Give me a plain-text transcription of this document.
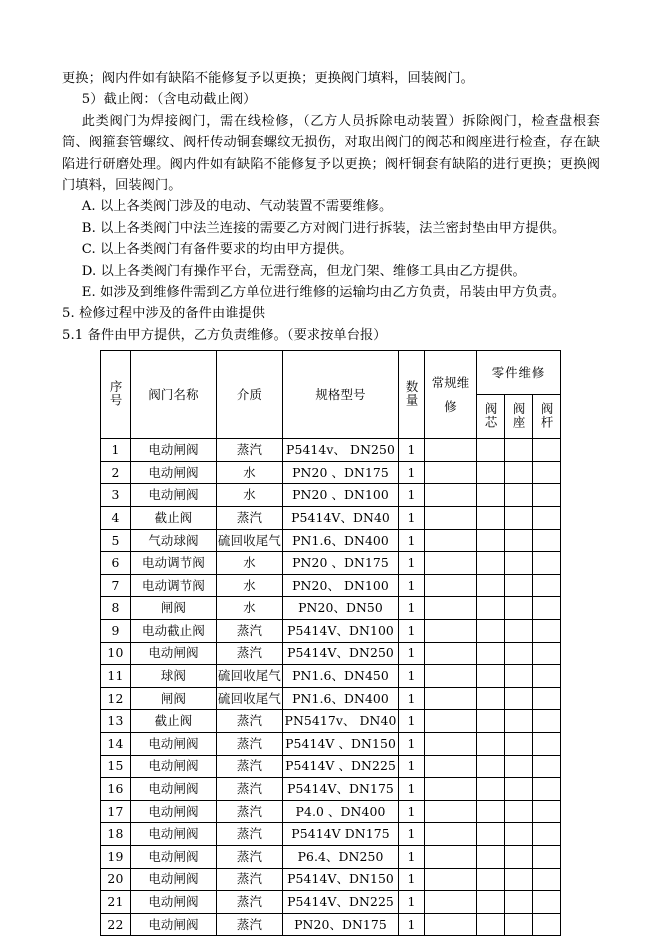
更换；阀内件如有缺陷不能修复予以更换；更换阀门填料，回装阀门。

5）截止阀：（含电动截止阀）

此类阀门为焊接阀门，需在线检修，（乙方人员拆除电动装置）拆除阀门，检查盘根套筒、阀箍套管螺纹、阀杆传动铜套螺纹无损伤，对取出阀门的阀芯和阀座进行检查，存在缺陷进行研磨处理。阀内件如有缺陷不能修复予以更换；阀杆铜套有缺陷的进行更换；更换阀门填料，回装阀门。

A. 以上各类阀门涉及的电动、气动装置不需要维修。

B. 以上各类阀门中法兰连接的需要乙方对阀门进行拆装，法兰密封垫由甲方提供。

C. 以上各类阀门有备件要求的均由甲方提供。

D. 以上各类阀门有操作平台，无需登高，但龙门架、维修工具由乙方提供。

E. 如涉及到维修件需到乙方单位进行维修的运输均由乙方负责，吊装由甲方负责。

5. 检修过程中涉及的备件由谁提供

5.1 备件由甲方提供，乙方负责维修。（要求按单台报）

序号	阀门名称	介质	规格型号	数量	常规维修	零件维修		
						阀芯	阀座	阀杆

1	电动闸阀	蒸汽	P5414v、 DN250	1				

2	电动闸阀	水	PN20 、DN175	1				

3	电动闸阀	水	PN20 、DN100	1				

4	截止阀	蒸汽	P5414V、DN40	1				

5	气动球阀	硫回收尾气	PN1.6、DN400	1				

6	电动调节阀	水	PN20 、DN175	1				

7	电动调节阀	水	PN20、 DN100	1				

8	闸阀	水	PN20、DN50	1				

9	电动截止阀	蒸汽	P5414V、DN100	1				

10	电动闸阀	蒸汽	P5414V、DN250	1				

11	球阀	硫回收尾气	PN1.6、DN450	1				

12	闸阀	硫回收尾气	PN1.6、DN400	1				

13	截止阀	蒸汽	PN5417v、 DN40	1				

14	电动闸阀	蒸汽	P5414V 、DN150	1				

15	电动闸阀	蒸汽	P5414V 、DN225	1				

16	电动闸阀	蒸汽	P5414V、DN175	1				

17	电动闸阀	蒸汽	P4.0 、DN400	1				

18	电动闸阀	蒸汽	P5414V DN175	1				

19	电动闸阀	蒸汽	P6.4、DN250	1				

20	电动闸阀	蒸汽	P5414V、DN150	1				

21	电动闸阀	蒸汽	P5414V、DN225	1				

22	电动闸阀	蒸汽	PN20、DN175	1				
